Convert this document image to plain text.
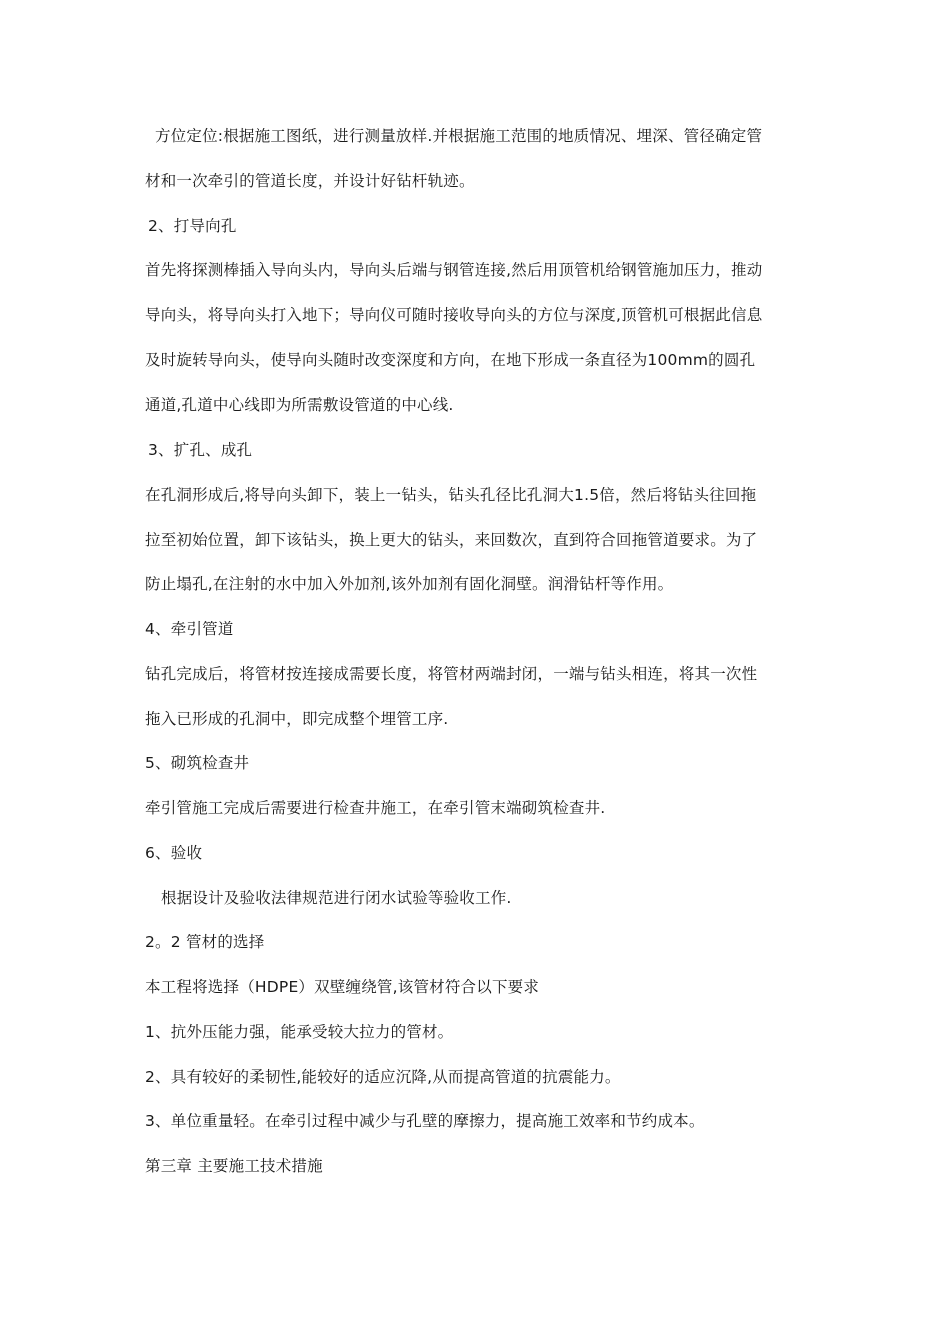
方位定位:根据施工图纸，进行测量放样.并根据施工范围的地质情况、埋深、管径确定管
材和一次牵引的管道长度，并设计好钻杆轨迹。
2、打导向孔
首先将探测棒插入导向头内，导向头后端与钢管连接,然后用顶管机给钢管施加压力，推动
导向头，将导向头打入地下；导向仪可随时接收导向头的方位与深度,顶管机可根据此信息
及时旋转导向头，使导向头随时改变深度和方向，在地下形成一条直径为100mm的圆孔
通道,孔道中心线即为所需敷设管道的中心线.
3、扩孔、成孔
在孔洞形成后,将导向头卸下，装上一钻头，钻头孔径比孔洞大1.5倍，然后将钻头往回拖
拉至初始位置，卸下该钻头，换上更大的钻头，来回数次，直到符合回拖管道要求。为了
防止塌孔,在注射的水中加入外加剂,该外加剂有固化洞壁。润滑钻杆等作用。
4、牵引管道
钻孔完成后，将管材按连接成需要长度，将管材两端封闭，一端与钻头相连，将其一次性
拖入已形成的孔洞中，即完成整个埋管工序.
5、砌筑检查井
牵引管施工完成后需要进行检查井施工，在牵引管末端砌筑检查井.
6、验收
根据设计及验收法律规范进行闭水试验等验收工作.
2。2 管材的选择
本工程将选择（HDPE）双壁缠绕管,该管材符合以下要求
1、抗外压能力强，能承受较大拉力的管材。
2、具有较好的柔韧性,能较好的适应沉降,从而提高管道的抗震能力。
3、单位重量轻。在牵引过程中减少与孔壁的摩擦力，提高施工效率和节约成本。
第三章 主要施工技术措施
